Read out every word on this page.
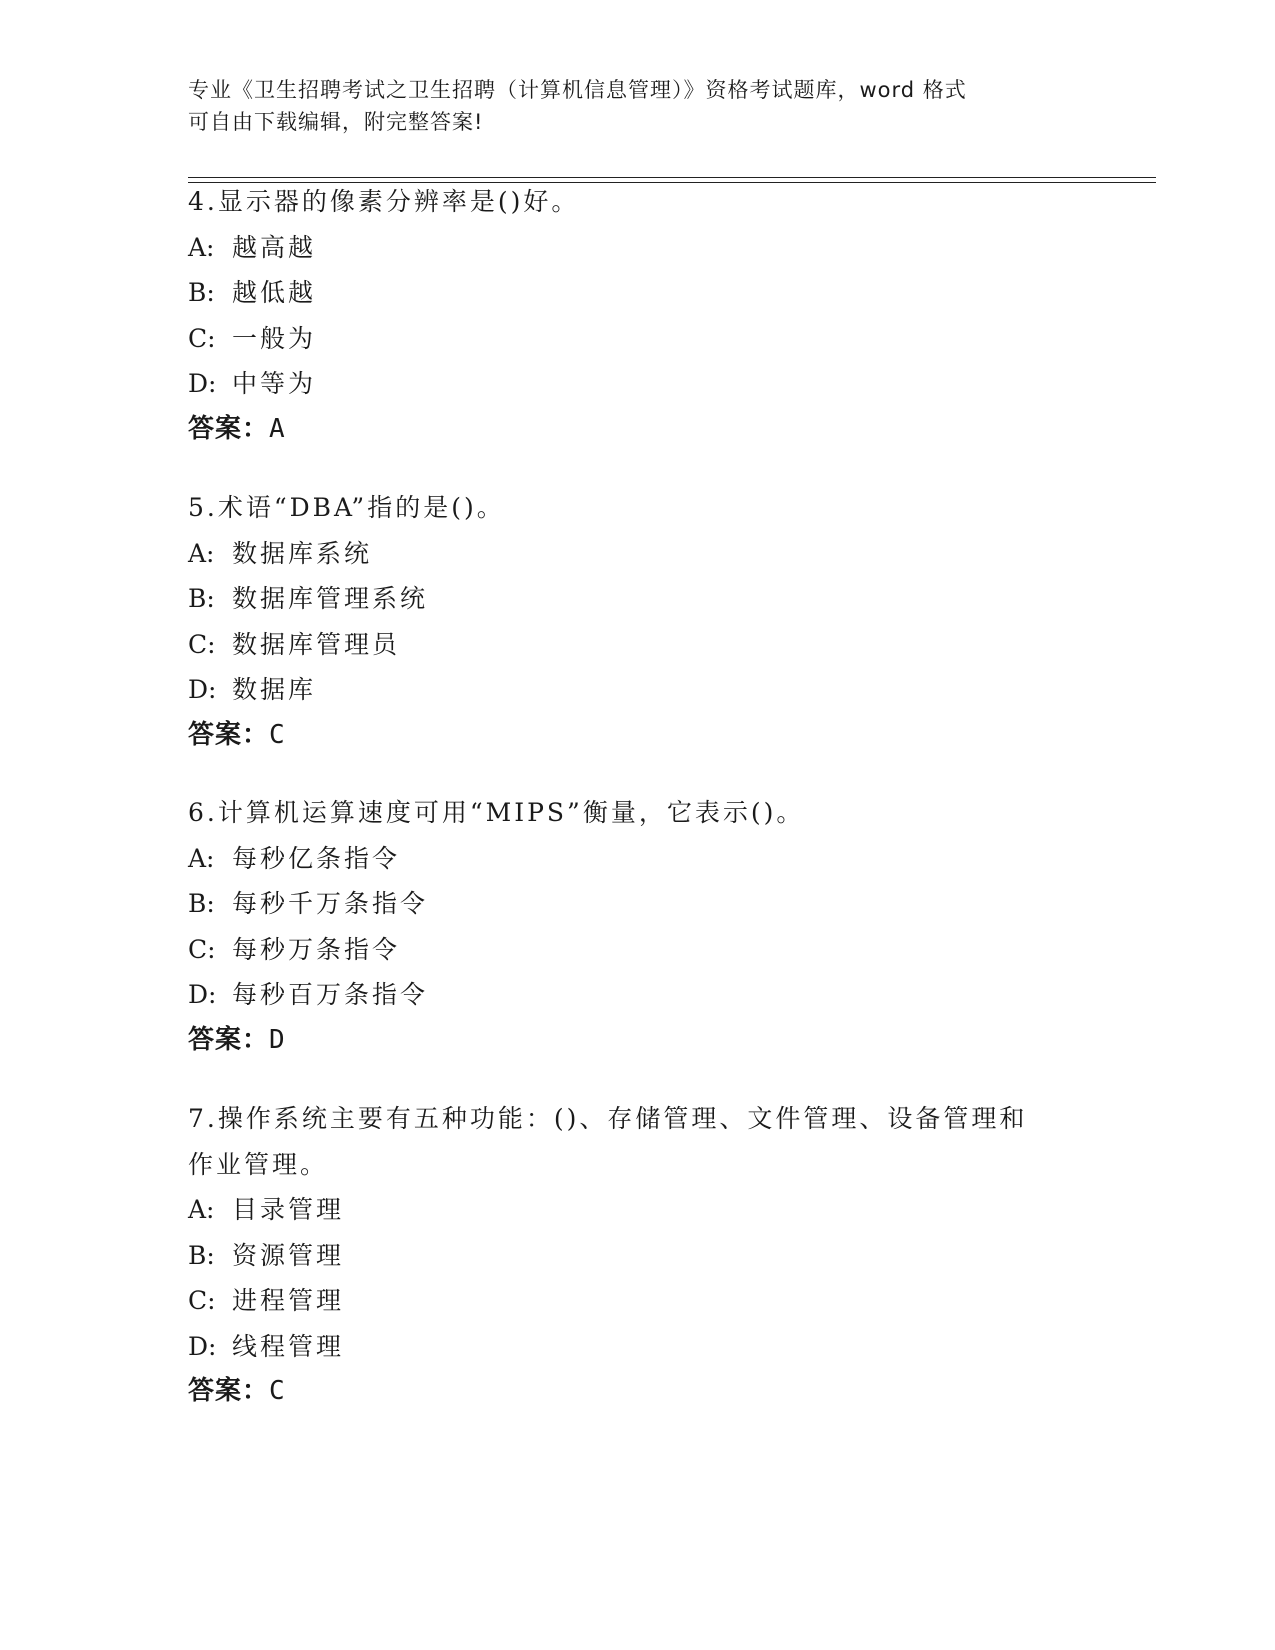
专业《卫生招聘考试之卫生招聘（计算机信息管理）》资格考试题库，word 格式

可自由下载编辑，附完整答案!

4.显示器的像素分辨率是()好。
A: 越高越
B: 越低越
C: 一般为
D: 中等为
答案：A
5.术语“DBA”指的是()。
A: 数据库系统
B: 数据库管理系统
C: 数据库管理员
D: 数据库
答案：C
6.计算机运算速度可用“MIPS”衡量，它表示()。
A: 每秒亿条指令
B: 每秒千万条指令
C: 每秒万条指令
D: 每秒百万条指令
答案：D
7.操作系统主要有五种功能：()、存储管理、文件管理、设备管理和
作业管理。
A: 目录管理
B: 资源管理
C: 进程管理
D: 线程管理
答案：C
